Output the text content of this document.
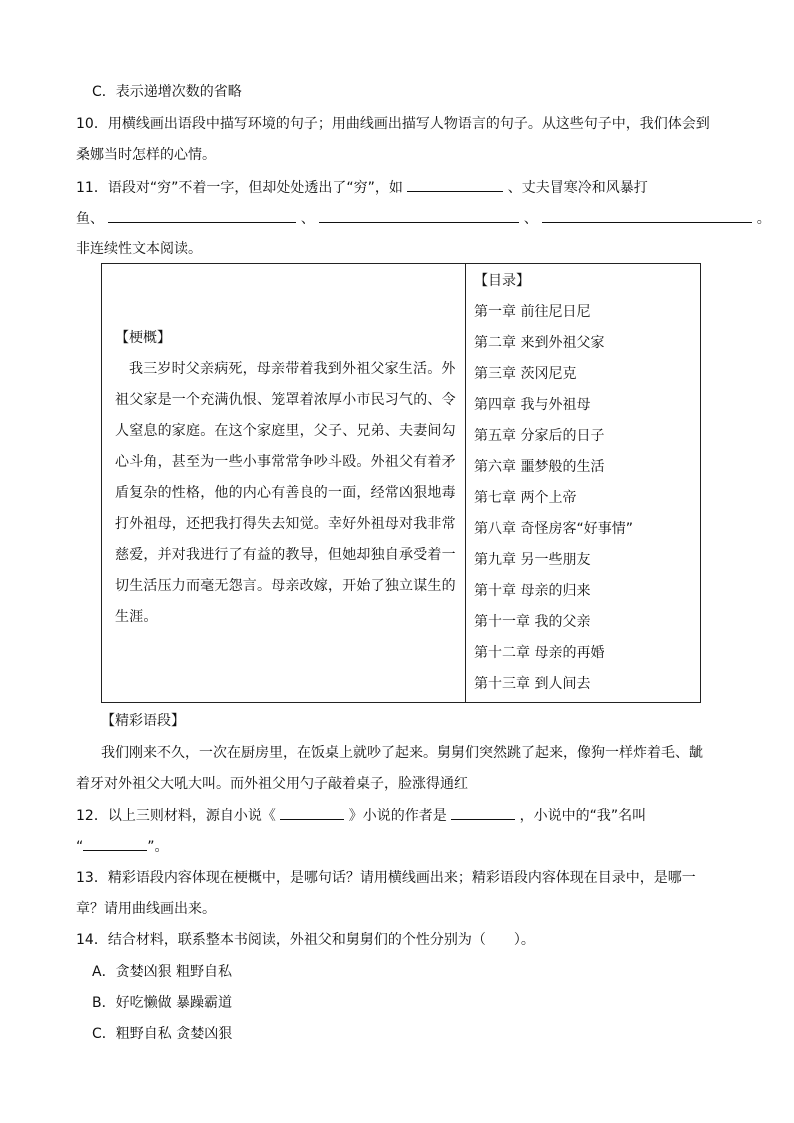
C．表示递增次数的省略
10．用横线画出语段中描写环境的句子；用曲线画出描写人物语言的句子。从这些句子中，我们体会到
桑娜当时怎样的心情。
11．语段对“穷”不着一字，但却处处透出了“穷”，如	、丈夫冒寒冷和风暴打
鱼、	、	、	。
非连续性文本阅读。
【梗概】
我三岁时父亲病死，母亲带着我到外祖父家生活。外祖父家是一个充满仇恨、笼罩着浓厚小市民习气的、令人窒息的家庭。在这个家庭里，父子、兄弟、夫妻间勾心斗角，甚至为一些小事常常争吵斗殴。外祖父有着矛盾复杂的性格，他的内心有善良的一面，经常凶狠地毒打外祖母，还把我打得失去知觉。幸好外祖母对我非常慈爱，并对我进行了有益的教导，但她却独自承受着一切生活压力而毫无怨言。母亲改嫁，开始了独立谋生的生涯。
【目录】
第一章 前往尼日尼
第二章 来到外祖父家
第三章 茨冈尼克
第四章 我与外祖母
第五章 分家后的日子
第六章 噩梦般的生活
第七章 两个上帝
第八章 奇怪房客“好事情”
第九章 另一些朋友
第十章 母亲的归来
第十一章 我的父亲
第十二章 母亲的再婚
第十三章 到人间去
【精彩语段】
我们刚来不久，一次在厨房里，在饭桌上就吵了起来。舅舅们突然跳了起来，像狗一样炸着毛、龇
着牙对外祖父大吼大叫。而外祖父用勺子敲着桌子，脸涨得通红
12．以上三则材料，源自小说《	》小说的作者是	，小说中的“我”名叫
“	”。
13．精彩语段内容体现在梗概中，是哪句话？请用横线画出来；精彩语段内容体现在目录中，是哪一
章？请用曲线画出来。
14．结合材料，联系整本书阅读，外祖父和舅舅们的个性分别为（　　）。
A．贪婪凶狠 粗野自私
B．好吃懒做 暴躁霸道
C．粗野自私 贪婪凶狠
